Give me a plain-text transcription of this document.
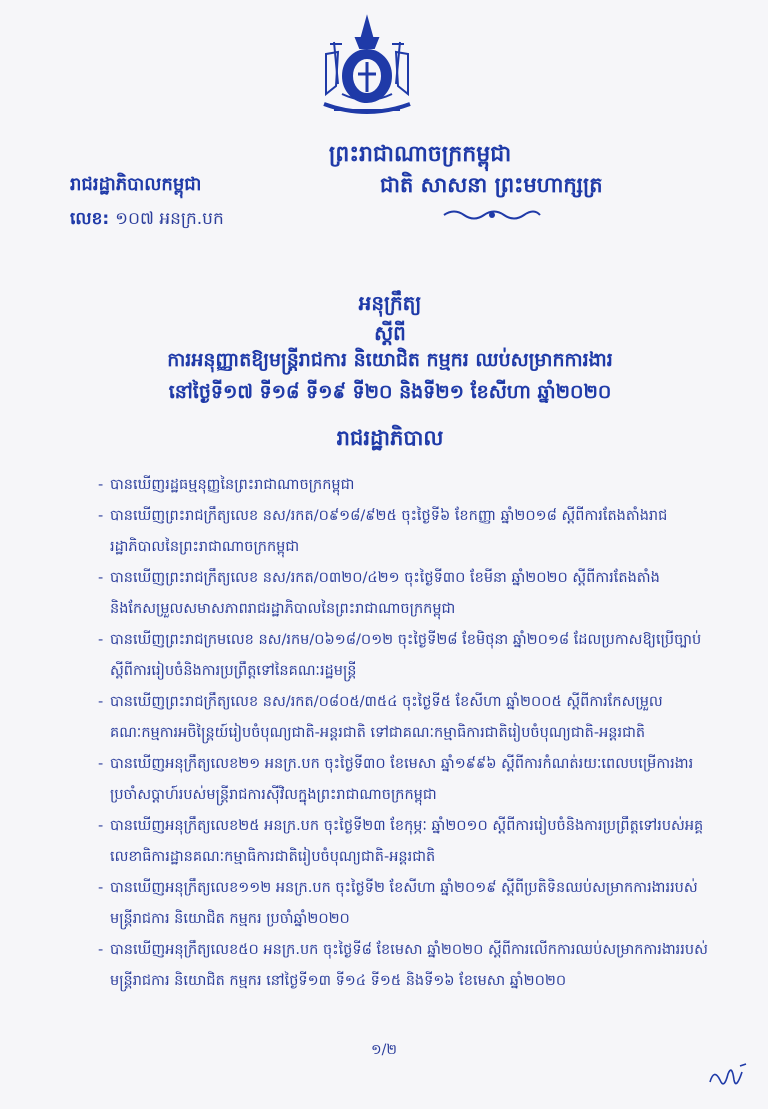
ព្រះរាជាណាចក្រកម្ពុជា
រាជរដ្ឋាភិបាលកម្ពុជា	ជាតិ សាសនា ព្រះមហាក្សត្រ
លេខ: ១០៧ អនក្រ.បក
អនុក្រឹត្យ
ស្តីពី
ការអនុញ្ញាតឱ្យមន្ត្រីរាជការ និយោជិត កម្មករ ឈប់សម្រាកការងារ
នៅថ្ងៃទី១៧ ទី១៨ ទី១៩ ទី២០ និងទី២១ ខែសីហា ឆ្នាំ២០២០
រាជរដ្ឋាភិបាល
- បានឃើញរដ្ឋធម្មនុញ្ញនៃព្រះរាជាណាចក្រកម្ពុជា
- បានឃើញព្រះរាជក្រឹត្យលេខ នស/រកត/០៩១៨/៩២៥ ចុះថ្ងៃទី៦ ខែកញ្ញា ឆ្នាំ២០១៨ ស្តីពីការតែងតាំងរាជរដ្ឋាភិបាលនៃព្រះរាជាណាចក្រកម្ពុជា
- បានឃើញព្រះរាជក្រឹត្យលេខ នស/រកត/០៣២០/៤២១ ចុះថ្ងៃទី៣០ ខែមីនា ឆ្នាំ២០២០ ស្តីពីការតែងតាំងនិងកែសម្រួលសមាសភាពរាជរដ្ឋាភិបាលនៃព្រះរាជាណាចក្រកម្ពុជា
- បានឃើញព្រះរាជក្រមលេខ នស/រកម/០៦១៨/០១២ ចុះថ្ងៃទី២៨ ខែមិថុនា ឆ្នាំ២០១៨ ដែលប្រកាសឱ្យប្រើច្បាប់ស្តីពីការរៀបចំនិងការប្រព្រឹត្តទៅនៃគណៈរដ្ឋមន្ត្រី
- បានឃើញព្រះរាជក្រឹត្យលេខ នស/រកត/០៨០៥/៣៥៤ ចុះថ្ងៃទី៥ ខែសីហា ឆ្នាំ២០០៥ ស្តីពីការកែសម្រួលគណៈកម្មការអចិន្ត្រៃយ៍រៀបចំបុណ្យជាតិ-អន្តរជាតិ ទៅជាគណៈកម្មាធិការជាតិរៀបចំបុណ្យជាតិ-អន្តរជាតិ
- បានឃើញអនុក្រឹត្យលេខ២១ អនក្រ.បក ចុះថ្ងៃទី៣០ ខែមេសា ឆ្នាំ១៩៩៦ ស្តីពីការកំណត់រយៈពេលបម្រើការងារប្រចាំសប្តាហ៍របស់មន្ត្រីរាជការស៊ីវិលក្នុងព្រះរាជាណាចក្រកម្ពុជា
- បានឃើញអនុក្រឹត្យលេខ២៥ អនក្រ.បក ចុះថ្ងៃទី២៣ ខែកុម្ភៈ ឆ្នាំ២០១០ ស្តីពីការរៀបចំនិងការប្រព្រឹត្តទៅរបស់អគ្គលេខាធិការដ្ឋានគណៈកម្មាធិការជាតិរៀបចំបុណ្យជាតិ-អន្តរជាតិ
- បានឃើញអនុក្រឹត្យលេខ១១២ អនក្រ.បក ចុះថ្ងៃទី២ ខែសីហា ឆ្នាំ២០១៩ ស្តីពីប្រតិទិនឈប់សម្រាកការងាររបស់មន្ត្រីរាជការ និយោជិត កម្មករ ប្រចាំឆ្នាំ២០២០
- បានឃើញអនុក្រឹត្យលេខ៥០ អនក្រ.បក ចុះថ្ងៃទី៨ ខែមេសា ឆ្នាំ២០២០ ស្តីពីការលើកការឈប់សម្រាកការងាររបស់មន្ត្រីរាជការ និយោជិត កម្មករ នៅថ្ងៃទី១៣ ទី១៤ ទី១៥ និងទី១៦ ខែមេសា ឆ្នាំ២០២០
១/២
